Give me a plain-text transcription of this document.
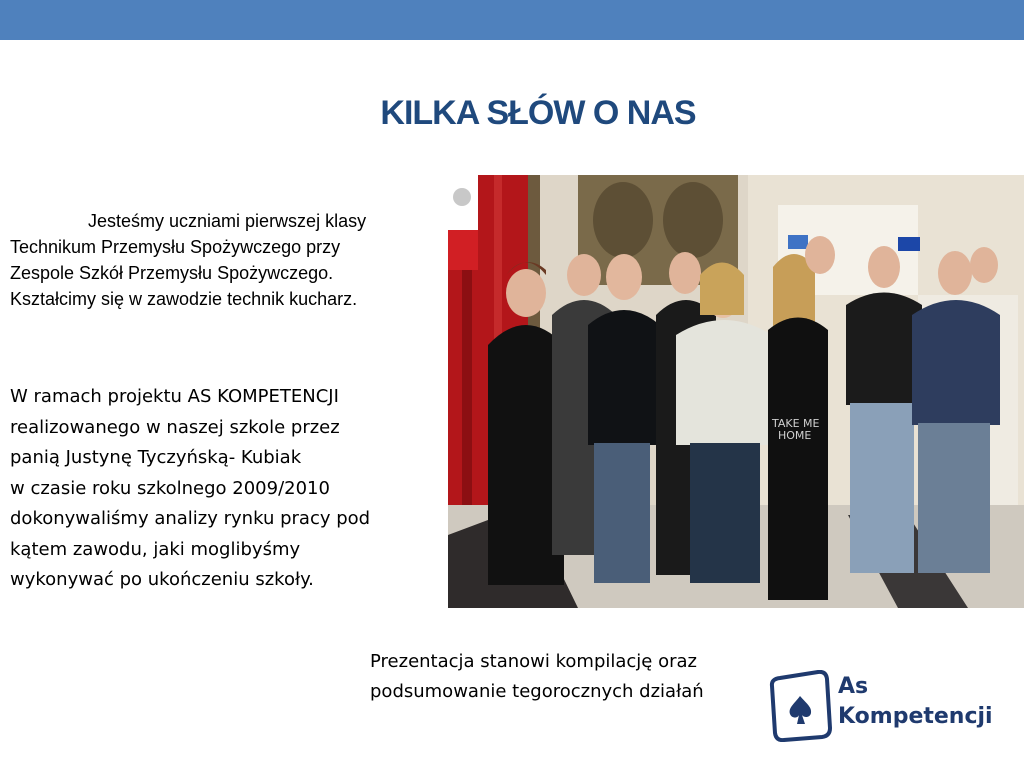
KILKA SŁÓW O NAS
Jesteśmy uczniami pierwszej klasy
Technikum Przemysłu Spożywczego przy
Zespole Szkół Przemysłu Spożywczego.
Kształcimy się w zawodzie technik kucharz.
W ramach projektu AS KOMPETENCJI
realizowanego w naszej szkole przez
panią Justynę Tyczyńską- Kubiak
w czasie roku szkolnego 2009/2010
dokonywaliśmy analizy rynku pracy pod
kątem zawodu, jaki moglibyśmy
wykonywać po ukończeniu szkoły.
TAKE ME
HOME
Prezentacja stanowi kompilację oraz
podsumowanie tegorocznych działań	As
Kompetencji
